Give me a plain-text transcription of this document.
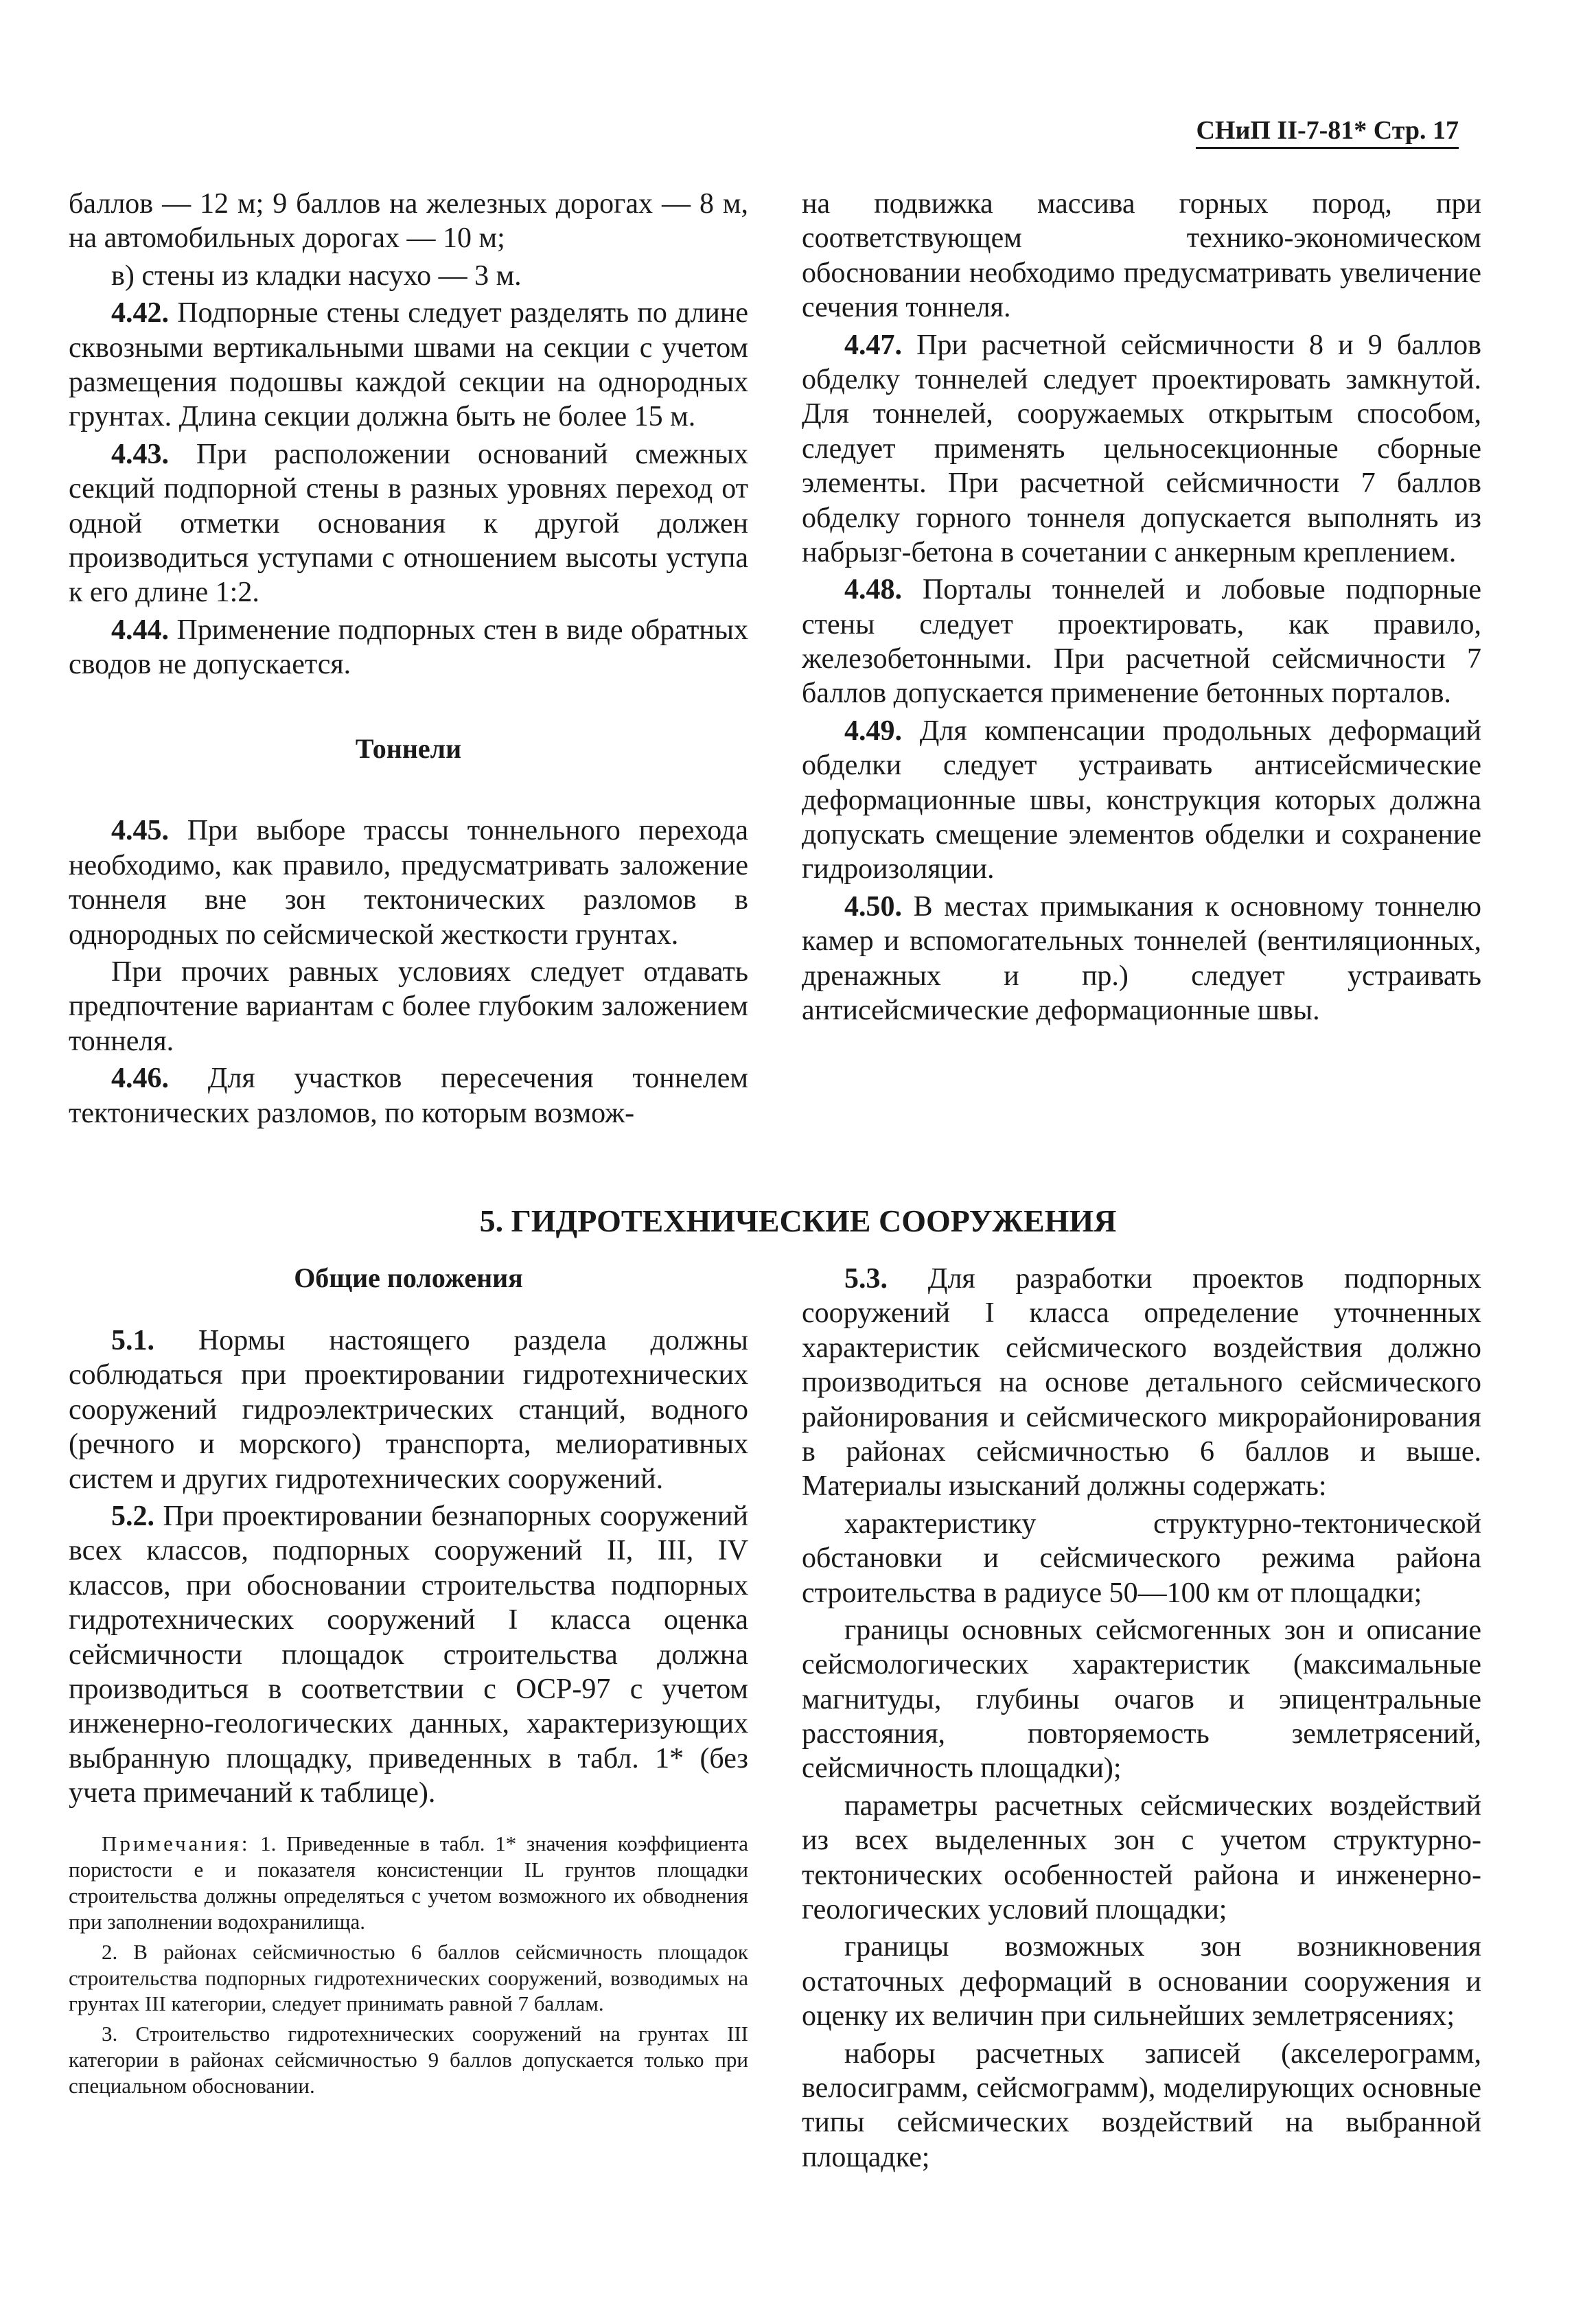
СНиП II-7-81* Стр. 17

баллов — 12 м; 9 баллов на железных дорогах — 8 м, на автомобильных дорогах — 10 м;

в) стены из кладки насухо — 3 м.

4.42. Подпорные стены следует разделять по длине сквозными вертикальными швами на секции с учетом размещения подошвы каждой секции на однородных грунтах. Длина секции должна быть не более 15 м.

4.43. При расположении оснований смежных секций подпорной стены в разных уровнях переход от одной отметки основания к другой должен производиться уступами с отношением высоты уступа к его длине 1:2.

4.44. Применение подпорных стен в виде обратных сводов не допускается.

Тоннели

4.45. При выборе трассы тоннельного перехода необходимо, как правило, предусматривать заложение тоннеля вне зон тектонических разломов в однородных по сейсмической жесткости грунтах.

При прочих равных условиях следует отдавать предпочтение вариантам с более глубоким заложением тоннеля.

4.46. Для участков пересечения тоннелем тектонических разломов, по которым возмож-

на подвижка массива горных пород, при соответствующем технико-экономическом обосновании необходимо предусматривать увеличение сечения тоннеля.

4.47. При расчетной сейсмичности 8 и 9 баллов обделку тоннелей следует проектировать замкнутой. Для тоннелей, сооружаемых открытым способом, следует применять цельносекционные сборные элементы. При расчетной сейсмичности 7 баллов обделку горного тоннеля допускается выполнять из набрызг-бетона в сочетании с анкерным креплением.

4.48. Порталы тоннелей и лобовые подпорные стены следует проектировать, как правило, железобетонными. При расчетной сейсмичности 7 баллов допускается применение бетонных порталов.

4.49. Для компенсации продольных деформаций обделки следует устраивать антисейсмические деформационные швы, конструкция которых должна допускать смещение элементов обделки и сохранение гидроизоляции.

4.50. В местах примыкания к основному тоннелю камер и вспомогательных тоннелей (вентиляционных, дренажных и пр.) следует устраивать антисейсмические деформационные швы.

5. ГИДРОТЕХНИЧЕСКИЕ СООРУЖЕНИЯ
Общие положения

5.1. Нормы настоящего раздела должны соблюдаться при проектировании гидротехнических сооружений гидроэлектрических станций, водного (речного и морского) транспорта, мелиоративных систем и других гидротехнических сооружений.

5.2. При проектировании безнапорных сооружений всех классов, подпорных сооружений II, III, IV классов, при обосновании строительства подпорных гидротехнических сооружений I класса оценка сейсмичности площадок строительства должна производиться в соответствии с ОСР-97 с учетом инженерно-геологических данных, характеризующих выбранную площадку, приведенных в табл. 1* (без учета примечаний к таблице).

Примечания: 1. Приведенные в табл. 1* значения коэффициента пористости e и показателя консистенции IL грунтов площадки строительства должны определяться с учетом возможного их обводнения при заполнении водохранилища.

2. В районах сейсмичностью 6 баллов сейсмичность площадок строительства подпорных гидротехнических сооружений, возводимых на грунтах III категории, следует принимать равной 7 баллам.

3. Строительство гидротехнических сооружений на грунтах III категории в районах сейсмичностью 9 баллов допускается только при специальном обосновании.

5.3. Для разработки проектов подпорных сооружений I класса определение уточненных характеристик сейсмического воздействия должно производиться на основе детального сейсмического районирования и сейсмического микрорайонирования в районах сейсмичностью 6 баллов и выше. Материалы изысканий должны содержать:

характеристику структурно-тектонической обстановки и сейсмического режима района строительства в радиусе 50—100 км от площадки;

границы основных сейсмогенных зон и описание сейсмологических характеристик (максимальные магнитуды, глубины очагов и эпицентральные расстояния, повторяемость землетрясений, сейсмичность площадки);

параметры расчетных сейсмических воздействий из всех выделенных зон с учетом структурно-тектонических особенностей района и инженерно-геологических условий площадки;

границы возможных зон возникновения остаточных деформаций в основании сооружения и оценку их величин при сильнейших землетрясениях;

наборы расчетных записей (акселерограмм, велосиграмм, сейсмограмм), моделирующих основные типы сейсмических воздействий на выбранной площадке;
